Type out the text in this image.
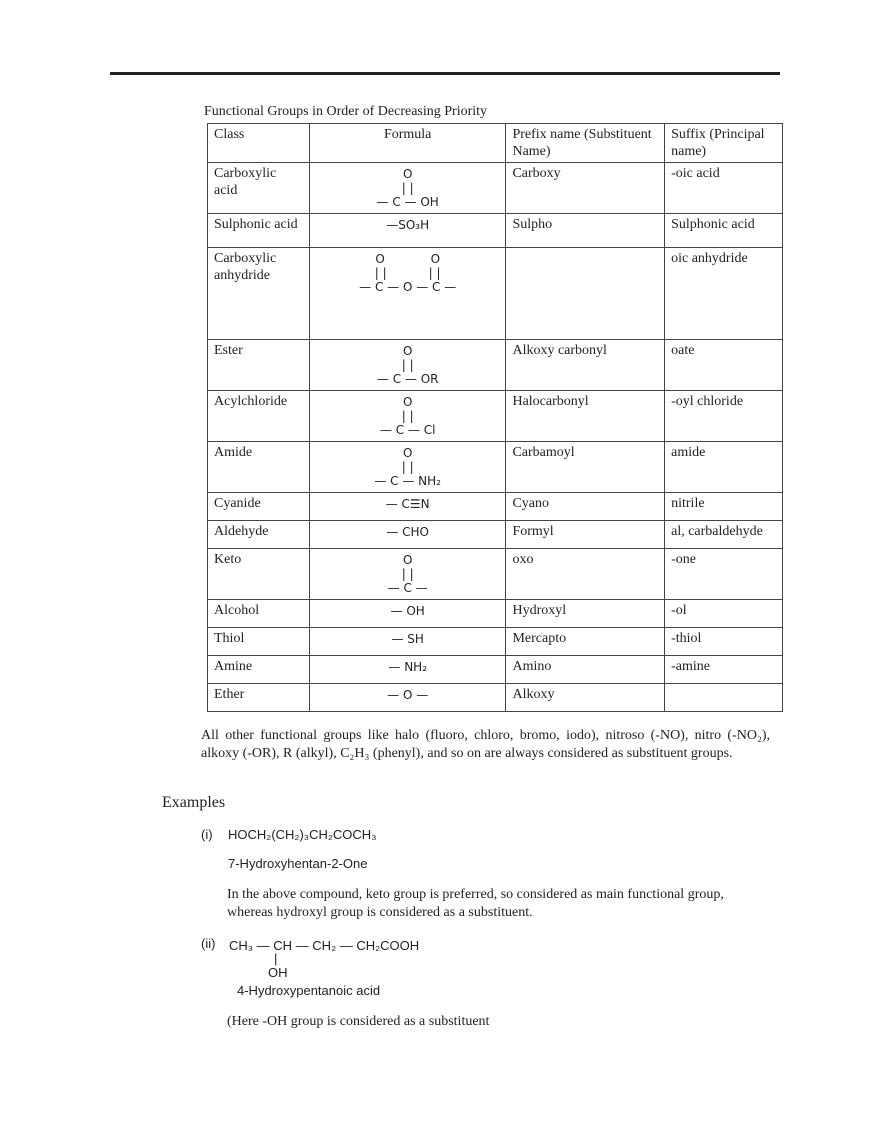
Functional Groups in Order of Decreasing Priority
Class	Formula	Prefix name (Substituent Name)	Suffix (Principal name)
Carboxylic acid	O
| |
— C — OH	Carboxy	-oic acid
Sulphonic acid	—SO₃H	Sulpho	Sulphonic acid
Carboxylic anhydride	O            O
| |           | |
— C — O — C —		oic anhydride
Ester	O
| |
— C — OR	Alkoxy carbonyl	oate
Acylchloride	O
| |
— C — Cl	Halocarbonyl	-oyl chloride
Amide	O
| |
— C — NH₂	Carbamoyl	amide
Cyanide	— C☰N	Cyano	nitrile
Aldehyde	— CHO	Formyl	al, carbaldehyde
Keto	O
| |
— C —	oxo	-one
Alcohol	— OH	Hydroxyl	-ol
Thiol	— SH	Mercapto	-thiol
Amine	— NH₂	Amino	-amine
Ether	— O —	Alkoxy	

All other functional groups like halo (fluoro, chloro, bromo, iodo), nitroso (-NO), nitro (-NO₂), alkoxy (-OR), R (alkyl), C₂H₃ (phenyl), and so on are always considered as substituent groups.

Examples
(i) HOCH₂(CH₂)₃CH₂COCH₃
7-Hydroxyhentan-2-One
In the above compound, keto group is preferred, so considered as main functional group, whereas hydroxyl group is considered as a substituent.
(ii) CH₃ — CH — CH₂ — CH₂COOH
|
OH
4-Hydroxypentanoic acid
(Here -OH group is considered as a substituent
